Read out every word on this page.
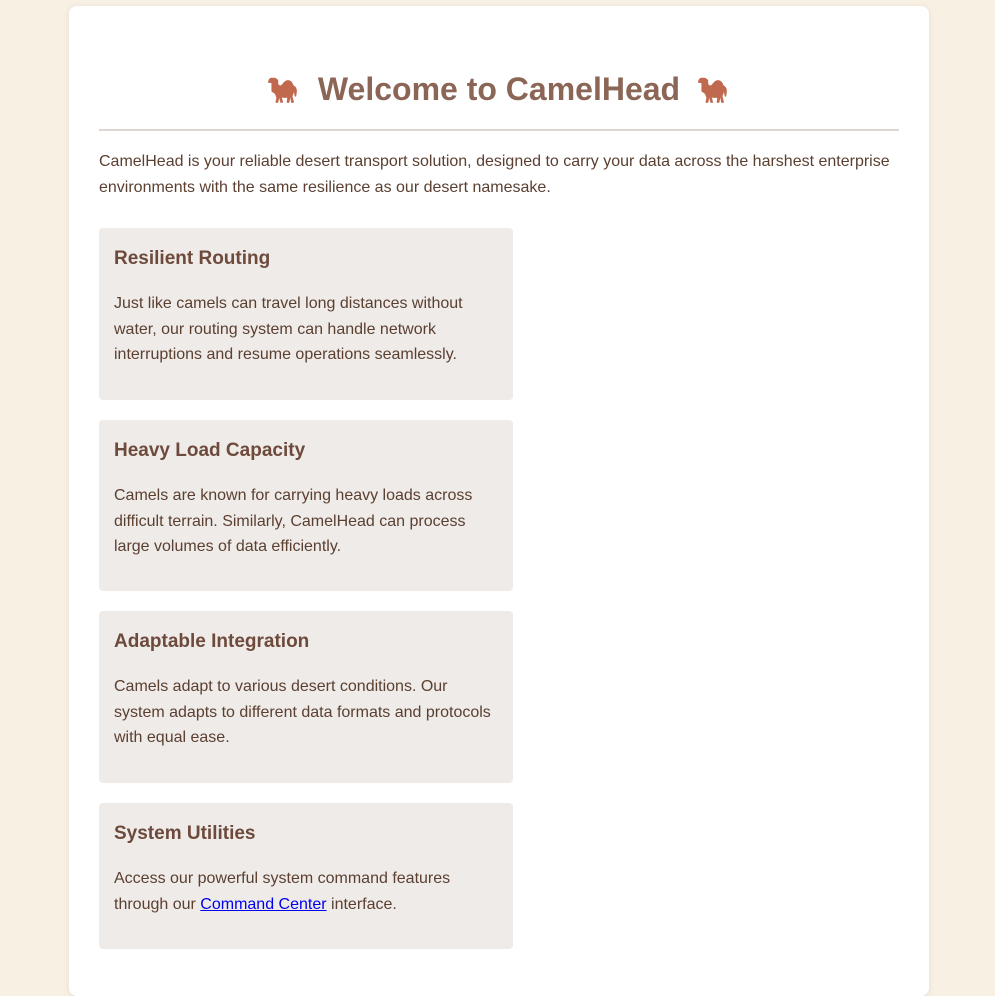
Welcome to CamelHead

CamelHead is your reliable desert transport solution, designed to carry your data across the harshest enterprise environments with the same resilience as our desert namesake.

Resilient Routing

Just like camels can travel long distances without water, our routing system can handle network interruptions and resume operations seamlessly.

Heavy Load Capacity

Camels are known for carrying heavy loads across difficult terrain. Similarly, CamelHead can process large volumes of data efficiently.

Adaptable Integration

Camels adapt to various desert conditions. Our system adapts to different data formats and protocols with equal ease.

System Utilities

Access our powerful system command features through our Command Center interface.
